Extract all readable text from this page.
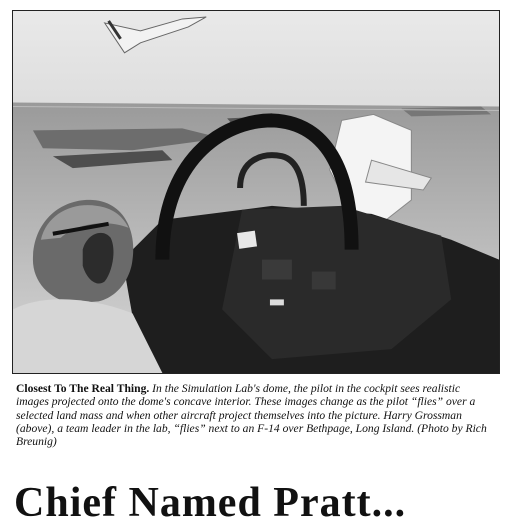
Closest To The Real Thing. In the Simulation Lab's dome, the pilot in the cockpit sees realistic images projected onto the dome's concave interior. These images change as the pilot “flies” over a selected land mass and when other aircraft project themselves into the picture. Harry Grossman (above), a team leader in the lab, “flies” next to an F-14 over Bethpage, Long Island. (Photo by Rich Breunig)
Chief Named Pratt...
